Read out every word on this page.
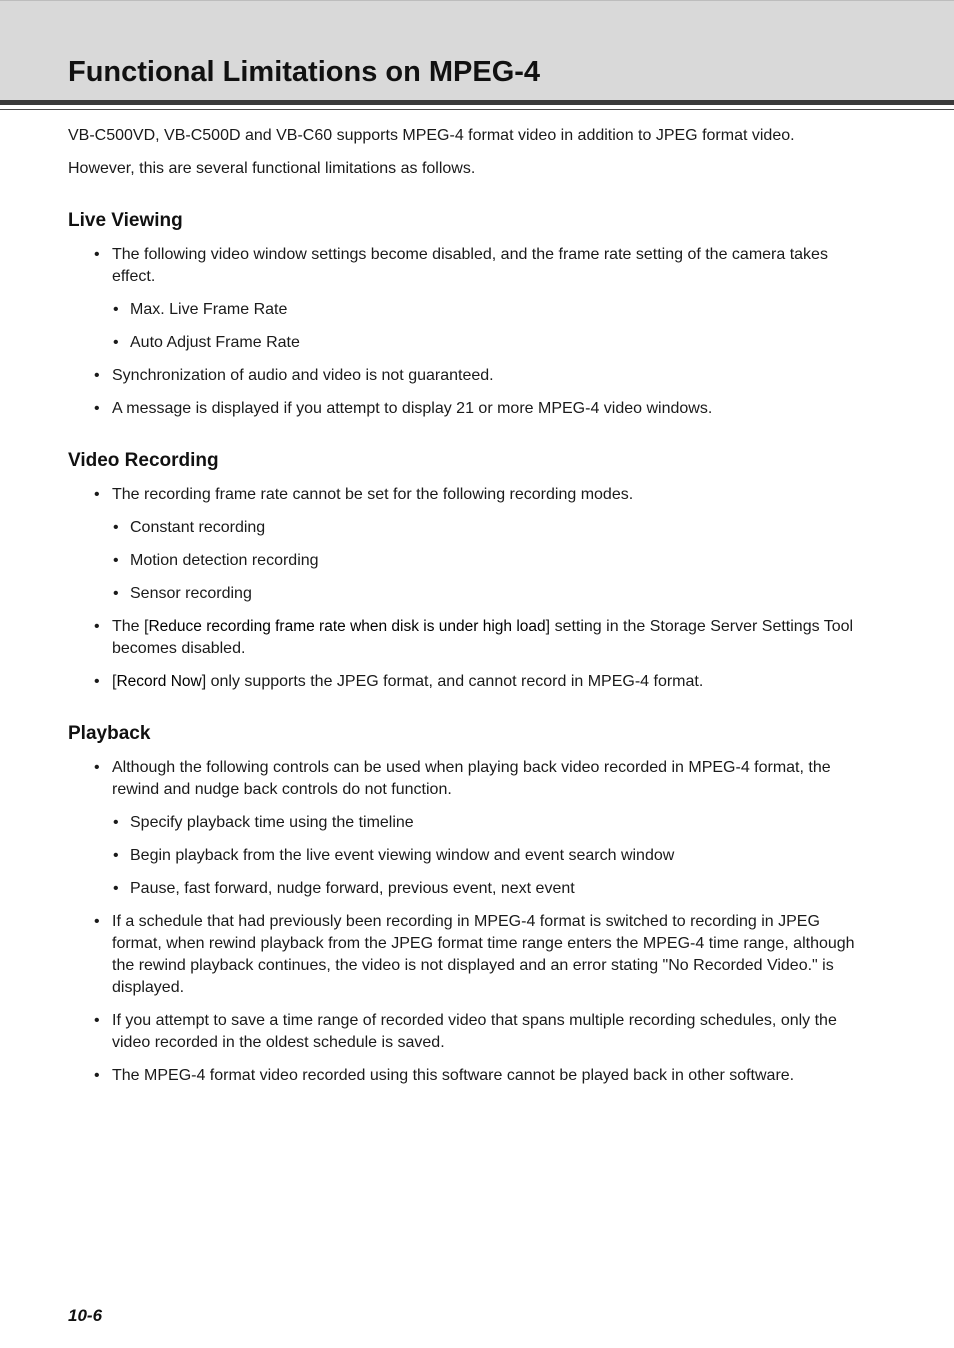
Functional Limitations on MPEG-4

VB-C500VD, VB-C500D and VB-C60 supports MPEG-4 format video in addition to JPEG format video.

However, this are several functional limitations as follows.

Live Viewing
• The following video window settings become disabled, and the frame rate setting of the camera takes effect.
• Max. Live Frame Rate
• Auto Adjust Frame Rate
• Synchronization of audio and video is not guaranteed.
• A message is displayed if you attempt to display 21 or more MPEG-4 video windows.
Video Recording
• The recording frame rate cannot be set for the following recording modes.
• Constant recording
• Motion detection recording
• Sensor recording
• The [Reduce recording frame rate when disk is under high load] setting in the Storage Server Settings Tool becomes disabled.
• [Record Now] only supports the JPEG format, and cannot record in MPEG-4 format.
Playback
• Although the following controls can be used when playing back video recorded in MPEG-4 format, the rewind and nudge back controls do not function.
• Specify playback time using the timeline
• Begin playback from the live event viewing window and event search window
• Pause, fast forward, nudge forward, previous event, next event
• If a schedule that had previously been recording in MPEG-4 format is switched to recording in JPEG format, when rewind playback from the JPEG format time range enters the MPEG-4 time range, although the rewind playback continues, the video is not displayed and an error stating "No Recorded Video." is displayed.
• If you attempt to save a time range of recorded video that spans multiple recording schedules, only the video recorded in the oldest schedule is saved.
• The MPEG-4 format video recorded using this software cannot be played back in other software.
10-6
